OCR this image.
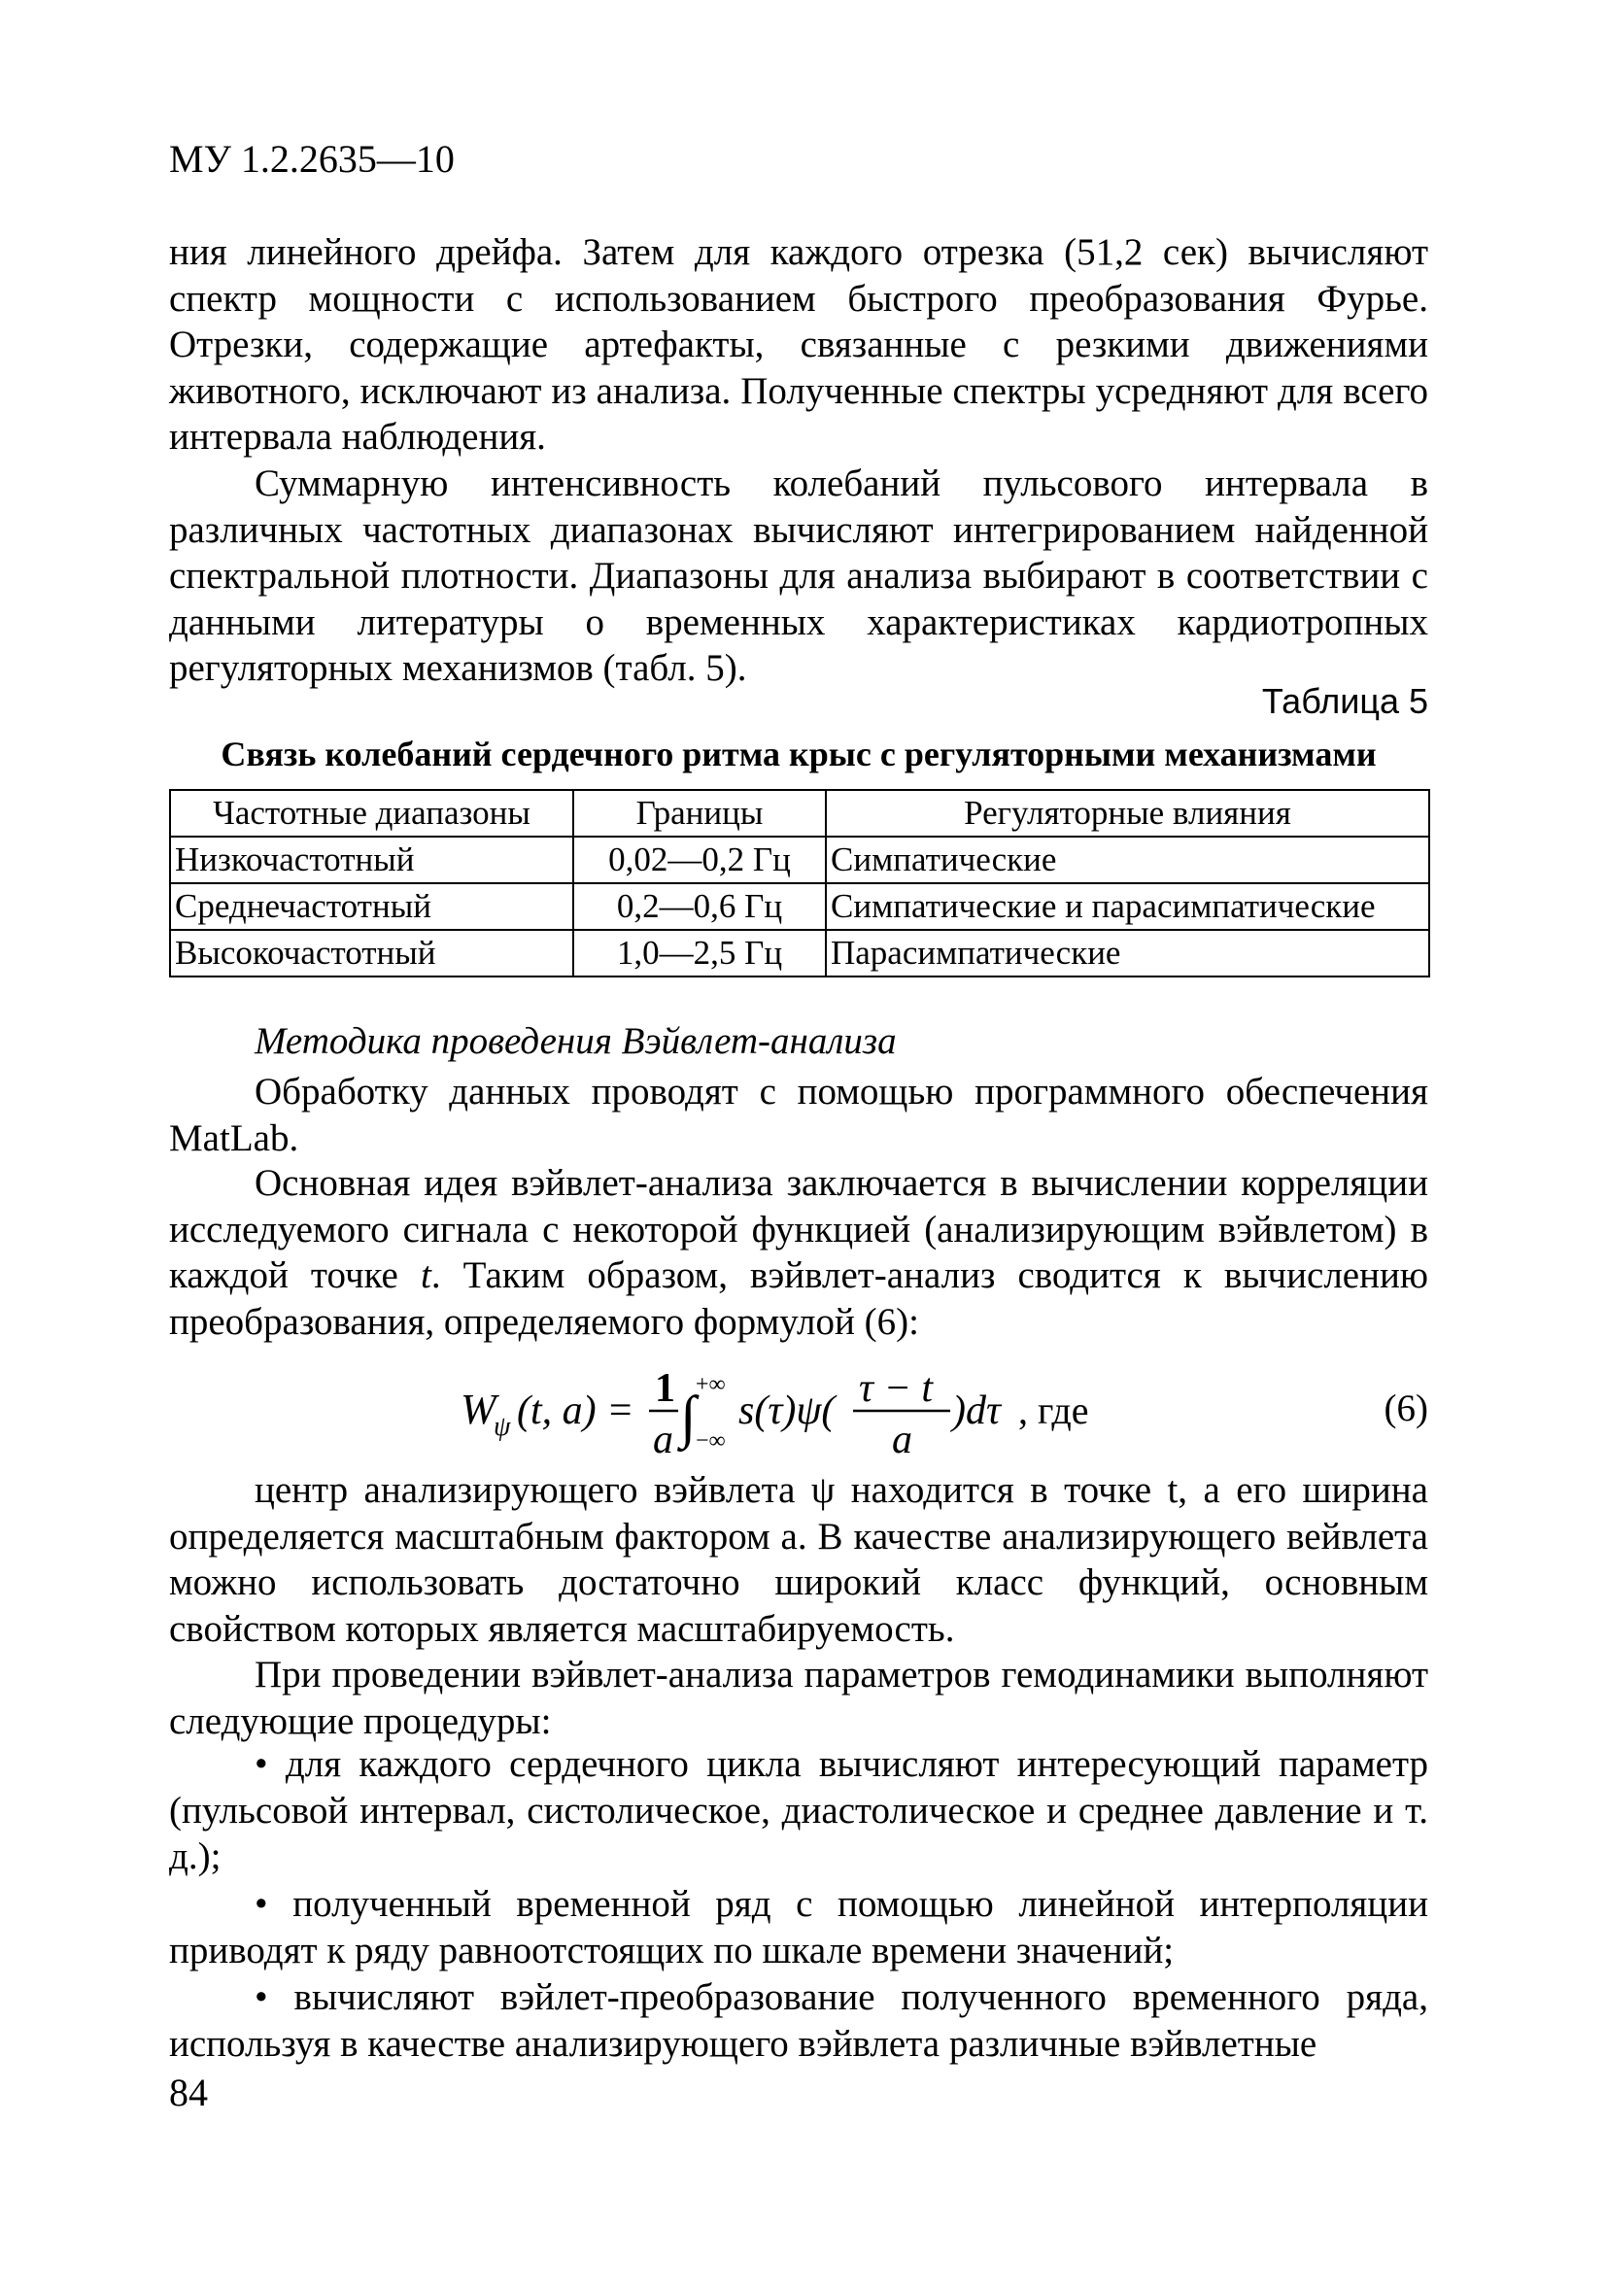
МУ 1.2.2635—10

ния линейного дрейфа. Затем для каждого отрезка (51,2 сек) вычисляют спектр мощности с использованием быстрого преобразования Фурье. Отрезки, содержащие артефакты, связанные с резкими движениями животного, исключают из анализа. Полученные спектры усредняют для всего интервала наблюдения.

Суммарную интенсивность колебаний пульсового интервала в различных частотных диапазонах вычисляют интегрированием найденной спектральной плотности. Диапазоны для анализа выбирают в соответствии с данными литературы о временных характеристиках кардиотропных регуляторных механизмов (табл. 5).

Таблица 5
Связь колебаний сердечного ритма крыс с регуляторными механизмами
Частотные диапазоны	Границы	Регуляторные влияния
Низкочастотный	0,02—0,2 Гц	Симпатические
Среднечастотный	0,2—0,6 Гц	Симпатические и парасимпатические
Высокочастотный	1,0—2,5 Гц	Парасимпатические
Методика проведения Вэйвлет-анализа

Обработку данных проводят с помощью программного обеспечения MatLab.

Основная идея вэйвлет-анализа заключается в вычислении корреляции исследуемого сигнала с некоторой функцией (анализирующим вэйвлетом) в каждой точке t. Таким образом, вэйвлет-анализ сводится к вычислению преобразования, определяемого формулой (6):

W
ψ (t, a) = 1
a ∫ +∞
−∞
s(τ)ψ( τ − t
a
)dτ , где	(6)

центр анализирующего вэйвлета ψ находится в точке t, а его ширина определяется масштабным фактором a. В качестве анализирующего вейвлета можно использовать достаточно широкий класс функций, основным свойством которых является масштабируемость.

При проведении вэйвлет-анализа параметров гемодинамики выполняют следующие процедуры:

• для каждого сердечного цикла вычисляют интересующий параметр (пульсовой интервал, систолическое, диастолическое и среднее давление и т. д.);

• полученный временной ряд с помощью линейной интерполяции приводят к ряду равноотстоящих по шкале времени значений;

• вычисляют вэйлет-преобразование полученного временного ряда, используя в качестве анализирующего вэйвлета различные вэйвлетные

84
